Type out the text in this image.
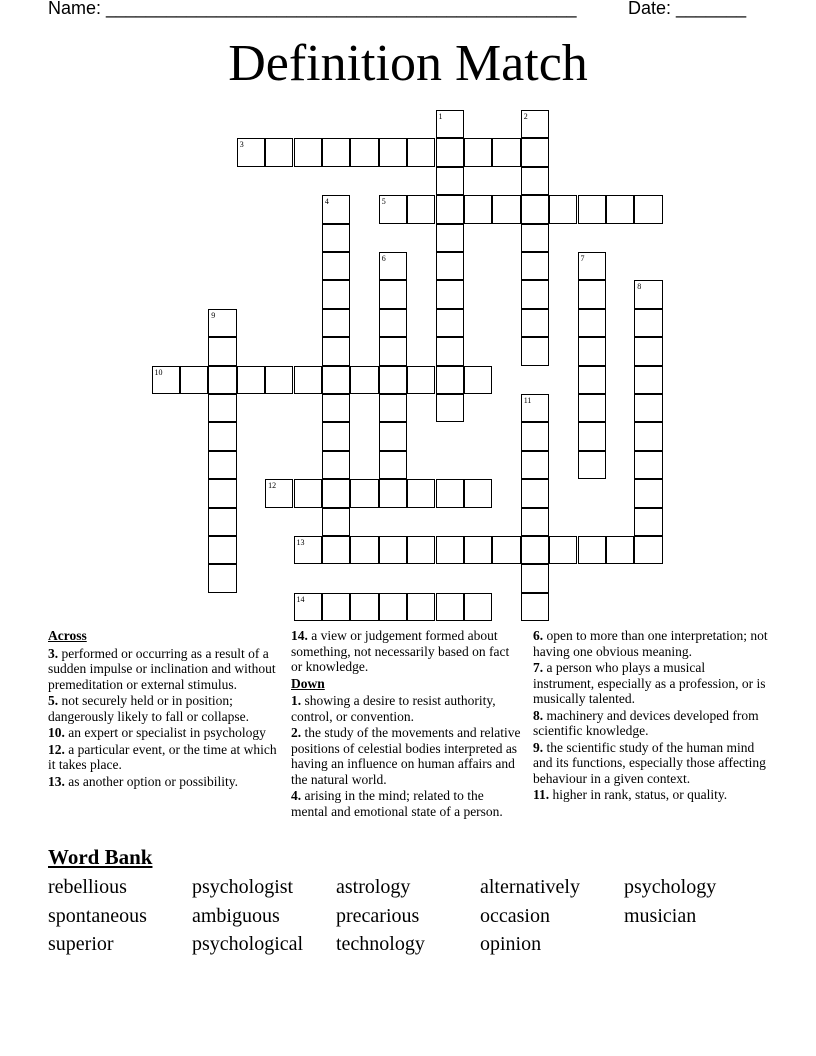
Name: _______________________________________________	Date: _______
Definition Match
3
5
10
12
13
14
1	2
4
6	7
8
9
11
Across
3. performed or occurring as a result of a sudden impulse or inclination and without premeditation or external stimulus.
5. not securely held or in position; dangerously likely to fall or collapse.
10. an expert or specialist in psychology
12. a particular event, or the time at which it takes place.
13. as another option or possibility.
14. a view or judgement formed about something, not necessarily based on fact or knowledge.
Down
1. showing a desire to resist authority, control, or convention.
2. the study of the movements and relative positions of celestial bodies interpreted as having an influence on human affairs and the natural world.
4. arising in the mind; related to the mental and emotional state of a person.
6. open to more than one interpretation; not having one obvious meaning.
7. a person who plays a musical instrument, especially as a profession, or is musically talented.
8. machinery and devices developed from scientific knowledge.
9. the scientific study of the human mind and its functions, especially those affecting behaviour in a given context.
11. higher in rank, status, or quality.
Word Bank
rebellious	psychologist astrology	alternatively psychology
spontaneous ambiguous	precarious	occasion	musician
superior	psychological technology	opinion
